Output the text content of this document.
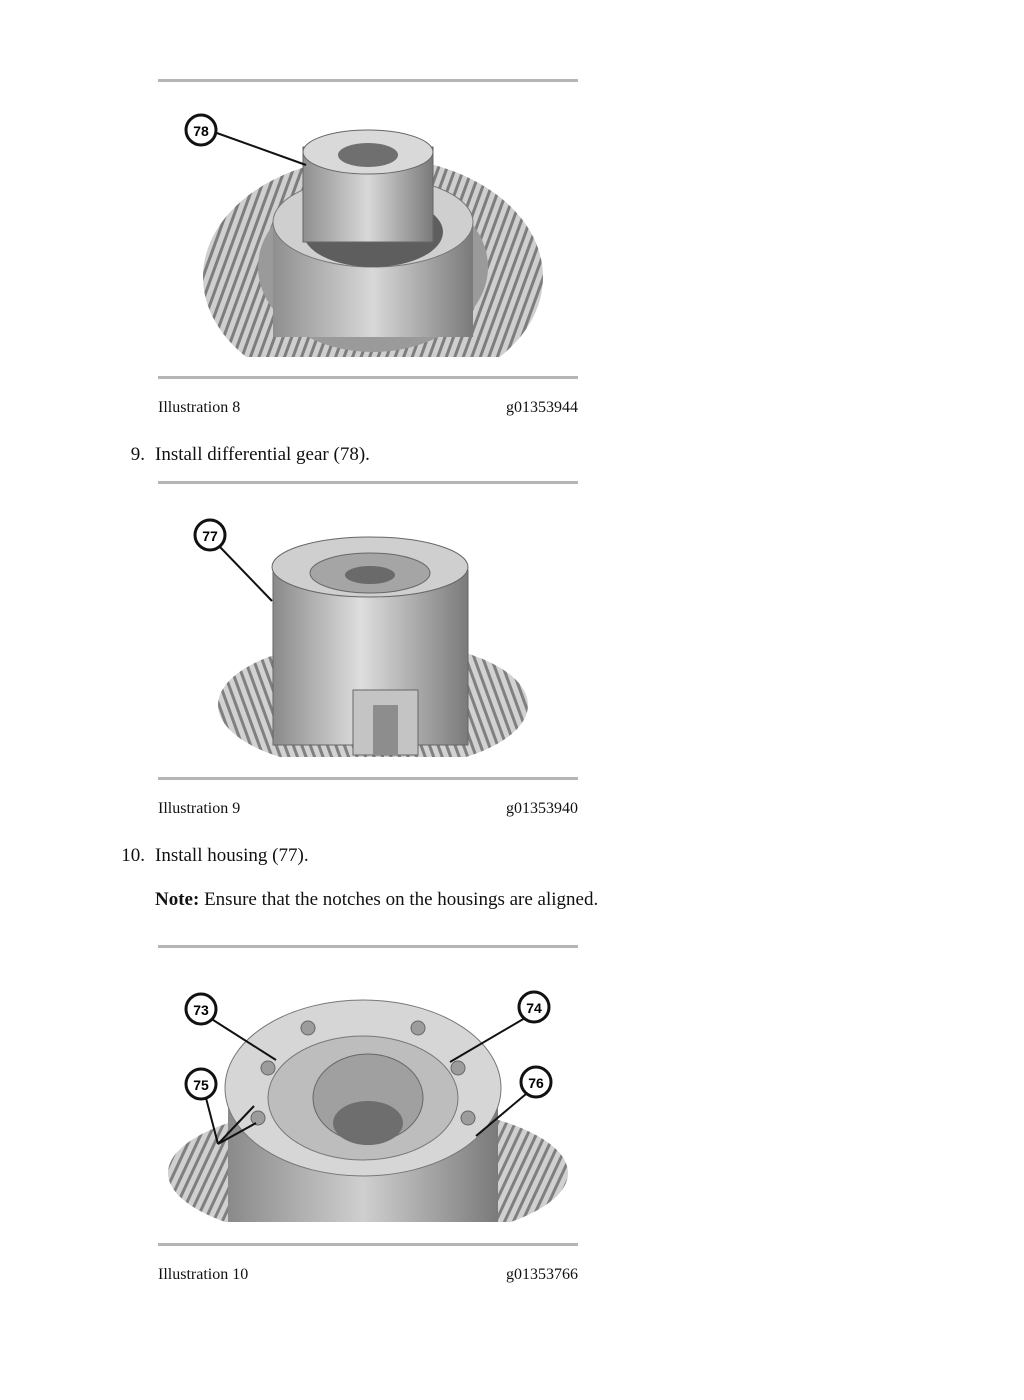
78
Illustration 8	g01353944
9. Install differential gear (78).
77
Illustration 9	g01353940
10. Install housing (77).
Note: Ensure that the notches on the housings are aligned.
73	74
75	76
Illustration 10	g01353766
